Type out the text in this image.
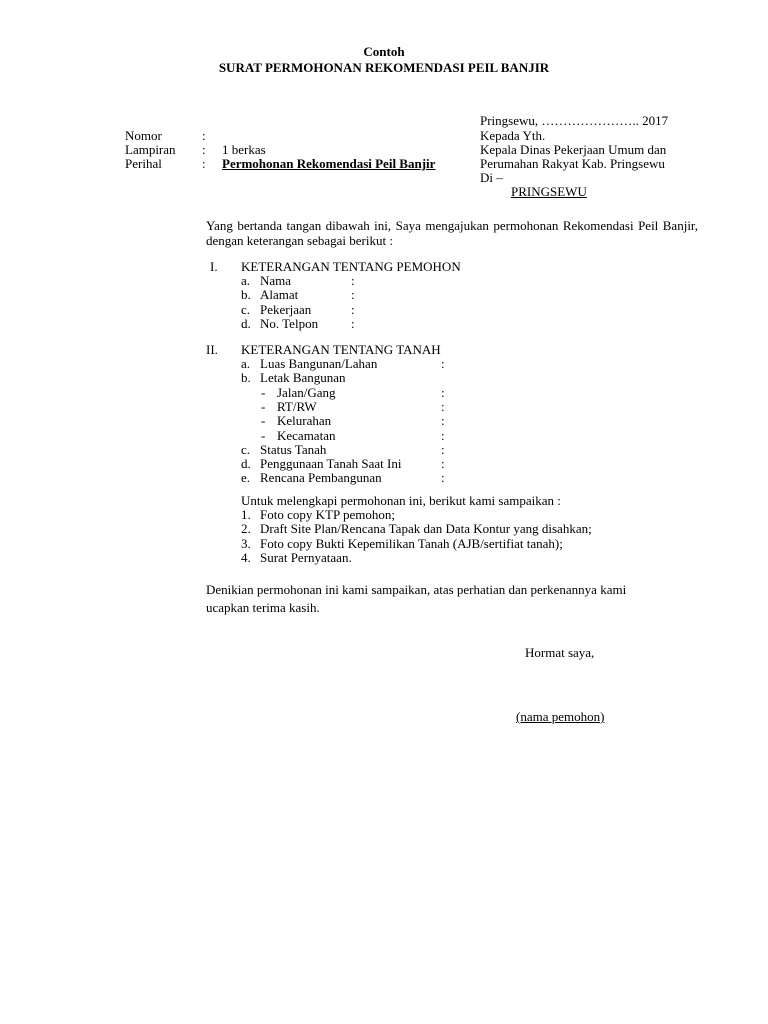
Contoh
SURAT PERMOHONAN REKOMENDASI PEIL BANJIR
Nomor	:
Lampiran : 1 berkas
Perihal	: Permohonan Rekomendasi Peil Banjir
Pringsewu, ………………….. 2017
Kepada Yth.
Kepala Dinas Pekerjaan Umum dan
Perumahan Rakyat Kab. Pringsewu
Di –
PRINGSEWU
Yang bertanda tangan dibawah ini, Saya mengajukan permohonan Rekomendasi Peil Banjir, dengan keterangan sebagai berikut :
I. KETERANGAN TENTANG PEMOHON
a. Nama	:
b. Alamat	:
c. Pekerjaan	:
d. No. Telpon	:
II. KETERANGAN TENTANG TANAH
a. Luas Bangunan/Lahan	:
b. Letak Bangunan
- Jalan/Gang	:
- RT/RW	:
- Kelurahan	:
- Kecamatan	:
c. Status Tanah	:
d. Penggunaan Tanah Saat Ini	:
e. Rencana Pembangunan	:
Untuk melengkapi permohonan ini, berikut kami sampaikan :
1. Foto copy KTP pemohon;
2. Draft Site Plan/Rencana Tapak dan Data Kontur yang disahkan;
3. Foto copy Bukti Kepemilikan Tanah (AJB/sertifiat tanah);
4. Surat Pernyataan.
Denikian permohonan ini kami sampaikan, atas perhatian dan perkenannya kami
ucapkan terima kasih.
Hormat saya,
(nama pemohon)
